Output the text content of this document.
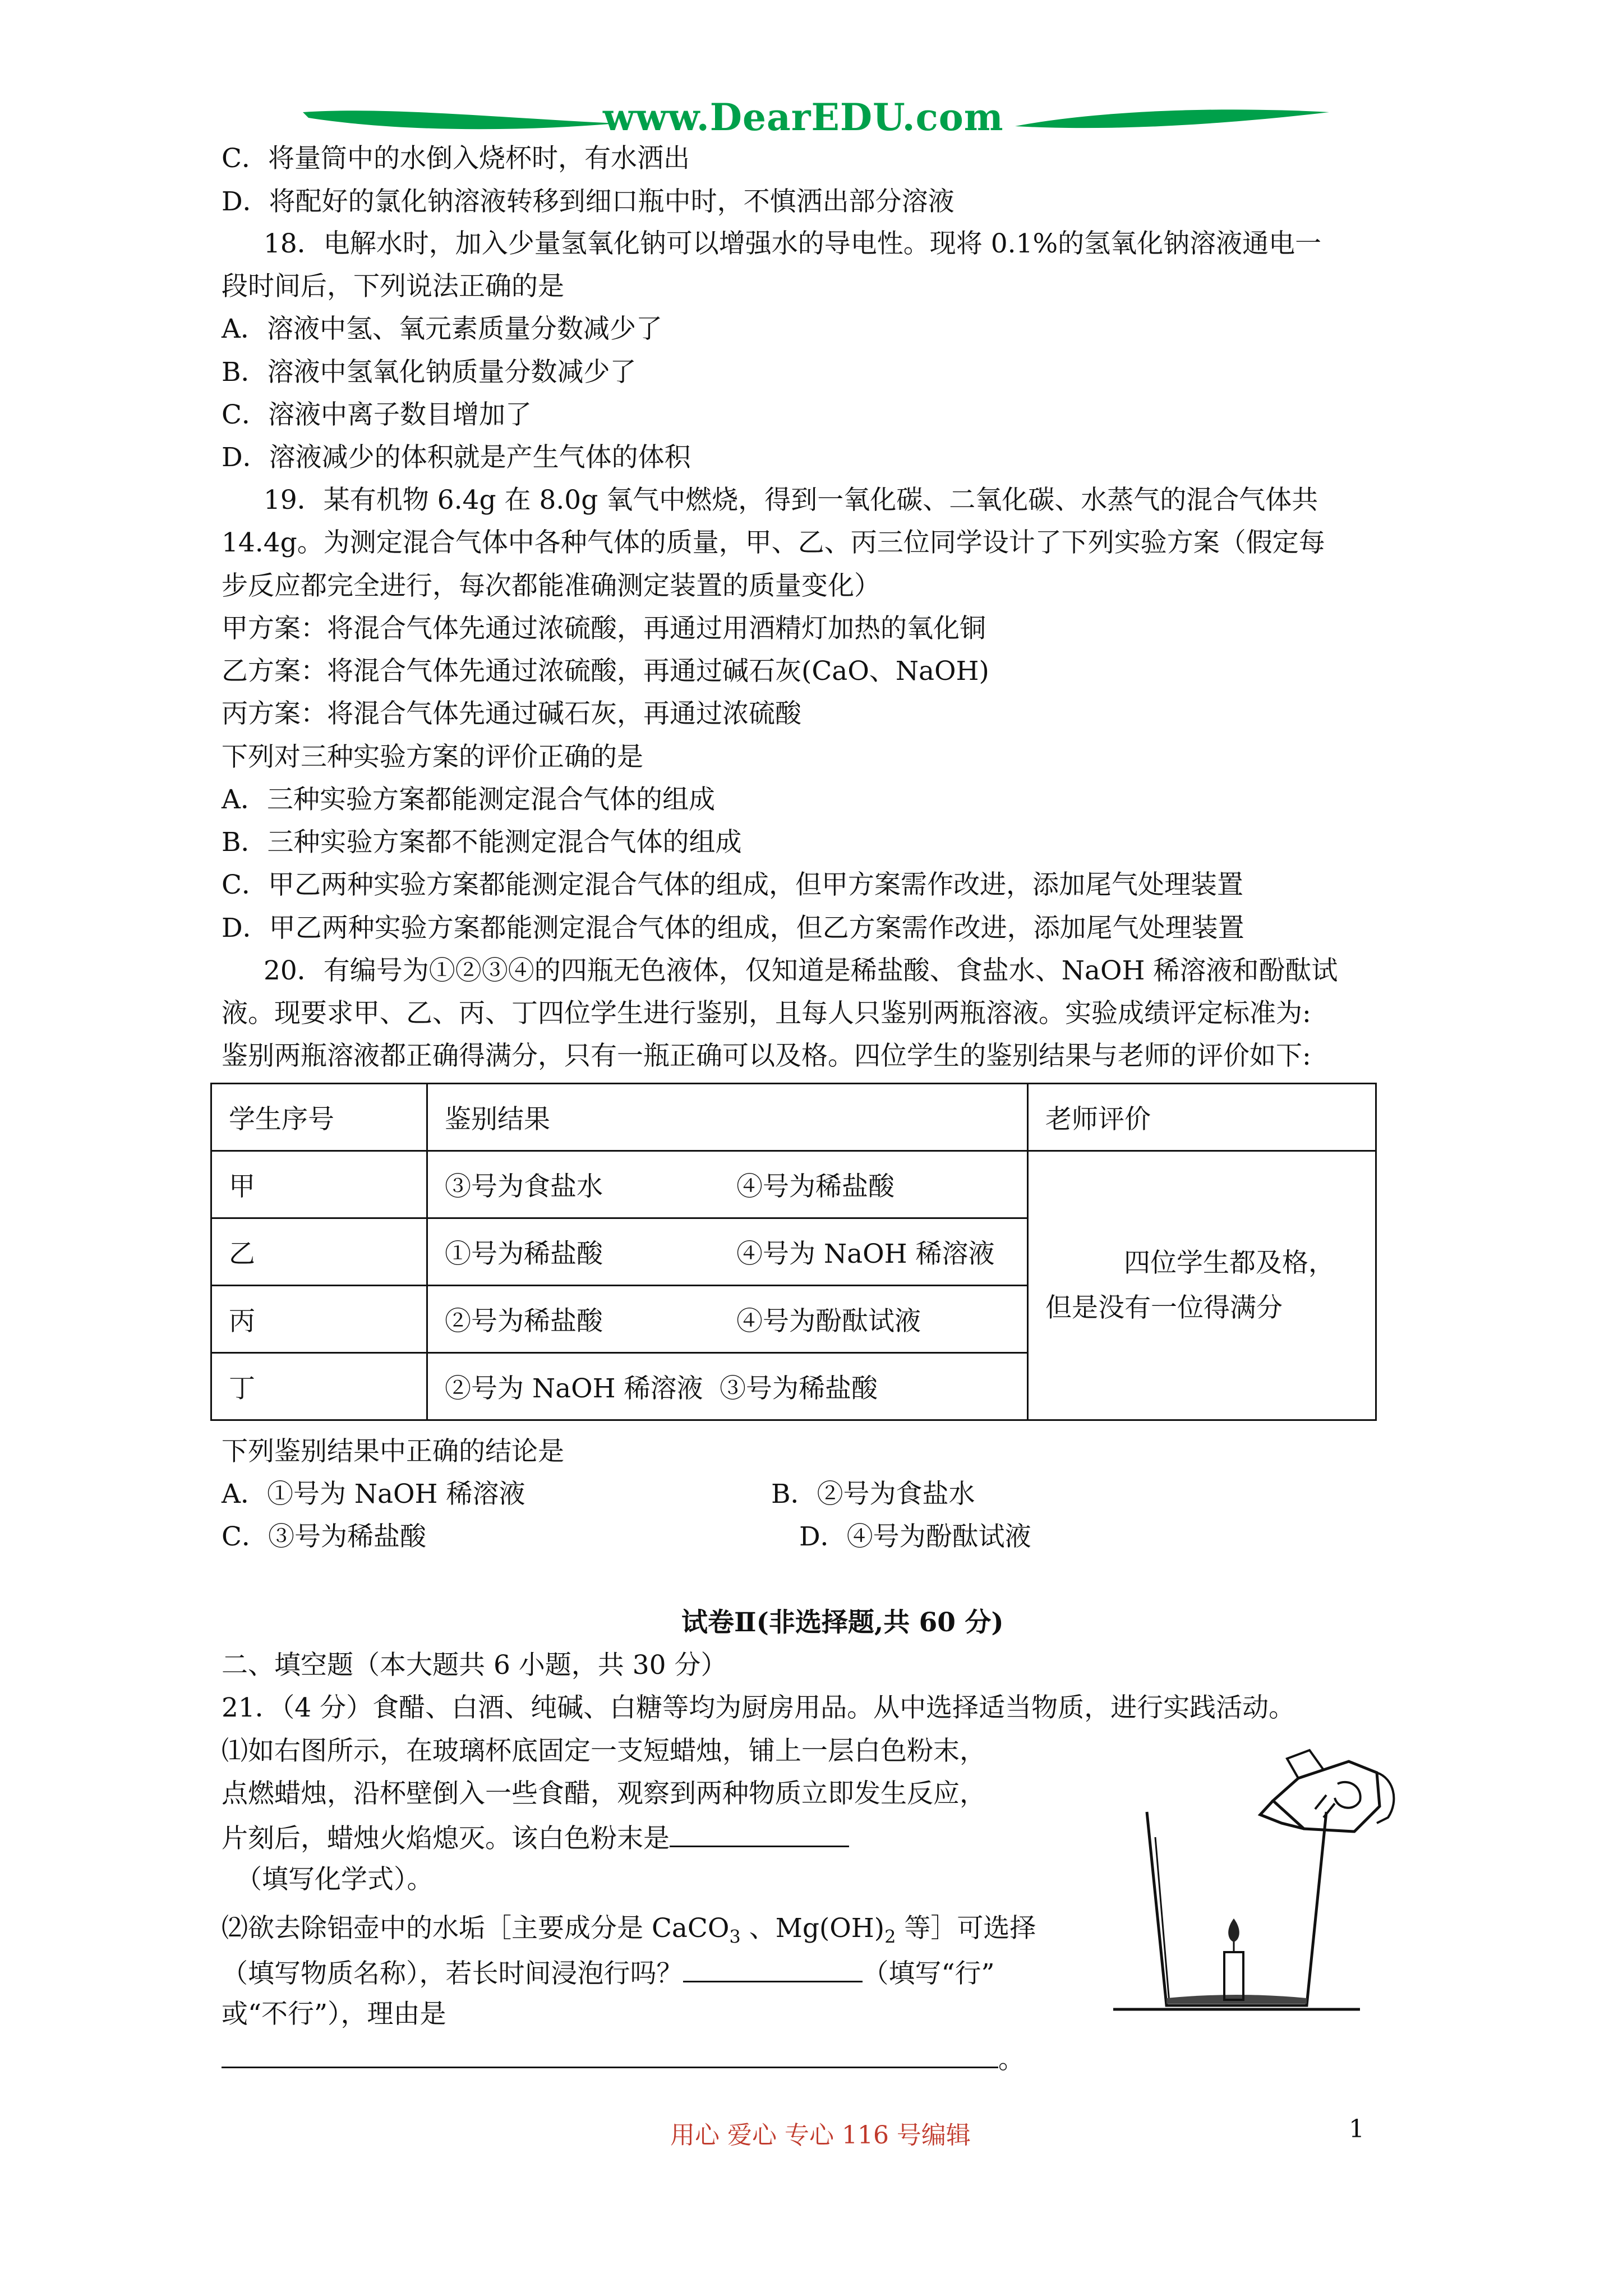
www.DearEDU.com
C．将量筒中的水倒入烧杯时，有水洒出
D．将配好的氯化钠溶液转移到细口瓶中时，不慎洒出部分溶液
18．电解水时，加入少量氢氧化钠可以增强水的导电性。现将 0.1%的氢氧化钠溶液通电一
段时间后，下列说法正确的是
A．溶液中氢、氧元素质量分数减少了
B．溶液中氢氧化钠质量分数减少了
C．溶液中离子数目增加了
D．溶液减少的体积就是产生气体的体积
19．某有机物 6.4g 在 8.0g 氧气中燃烧，得到一氧化碳、二氧化碳、水蒸气的混合气体共
14.4g。为测定混合气体中各种气体的质量，甲、乙、丙三位同学设计了下列实验方案（假定每
步反应都完全进行，每次都能准确测定装置的质量变化）
甲方案：将混合气体先通过浓硫酸，再通过用酒精灯加热的氧化铜
乙方案：将混合气体先通过浓硫酸，再通过碱石灰(CaO、NaOH)
丙方案：将混合气体先通过碱石灰，再通过浓硫酸
下列对三种实验方案的评价正确的是
A．三种实验方案都能测定混合气体的组成
B．三种实验方案都不能测定混合气体的组成
C．甲乙两种实验方案都能测定混合气体的组成，但甲方案需作改进，添加尾气处理装置
D．甲乙两种实验方案都能测定混合气体的组成，但乙方案需作改进，添加尾气处理装置
20．有编号为①②③④的四瓶无色液体，仅知道是稀盐酸、食盐水、NaOH 稀溶液和酚酞试
液。现要求甲、乙、丙、丁四位学生进行鉴别，且每人只鉴别两瓶溶液。实验成绩评定标准为:
鉴别两瓶溶液都正确得满分，只有一瓶正确可以及格。四位学生的鉴别结果与老师的评价如下:
学生序号	鉴别结果	老师评价
甲	③号为食盐水 ④号为稀盐酸	四位学生都及格，
但是没有一位得满分

乙	①号为稀盐酸 ④号为 NaOH 稀溶液	
丙	②号为稀盐酸 ④号为酚酞试液	
丁	②号为 NaOH 稀溶液 ③号为稀盐酸	
下列鉴别结果中正确的结论是
A．①号为 NaOH 稀溶液	B．②号为食盐水
C．③号为稀盐酸	D．④号为酚酞试液
试卷Ⅱ(非选择题,共 60 分)
二、填空题（本大题共 6 小题，共 30 分）
21．（4 分）食醋、白酒、纯碱、白糖等均为厨房用品。从中选择适当物质，进行实践活动。
⑴如右图所示，在玻璃杯底固定一支短蜡烛，铺上一层白色粉末，
点燃蜡烛，沿杯壁倒入一些食醋，观察到两种物质立即发生反应，
片刻后，蜡烛火焰熄灭。该白色粉末是
（填写化学式）。
⑵欲去除铝壶中的水垢［主要成分是 CaCO$_3$ 、$Mg(OH)_2$ 等］可选择
（填写物质名称），若长时间浸泡行吗？	（填写“行”
或“不行”），理由是
。
用心 爱心 专心 116 号编辑	1
